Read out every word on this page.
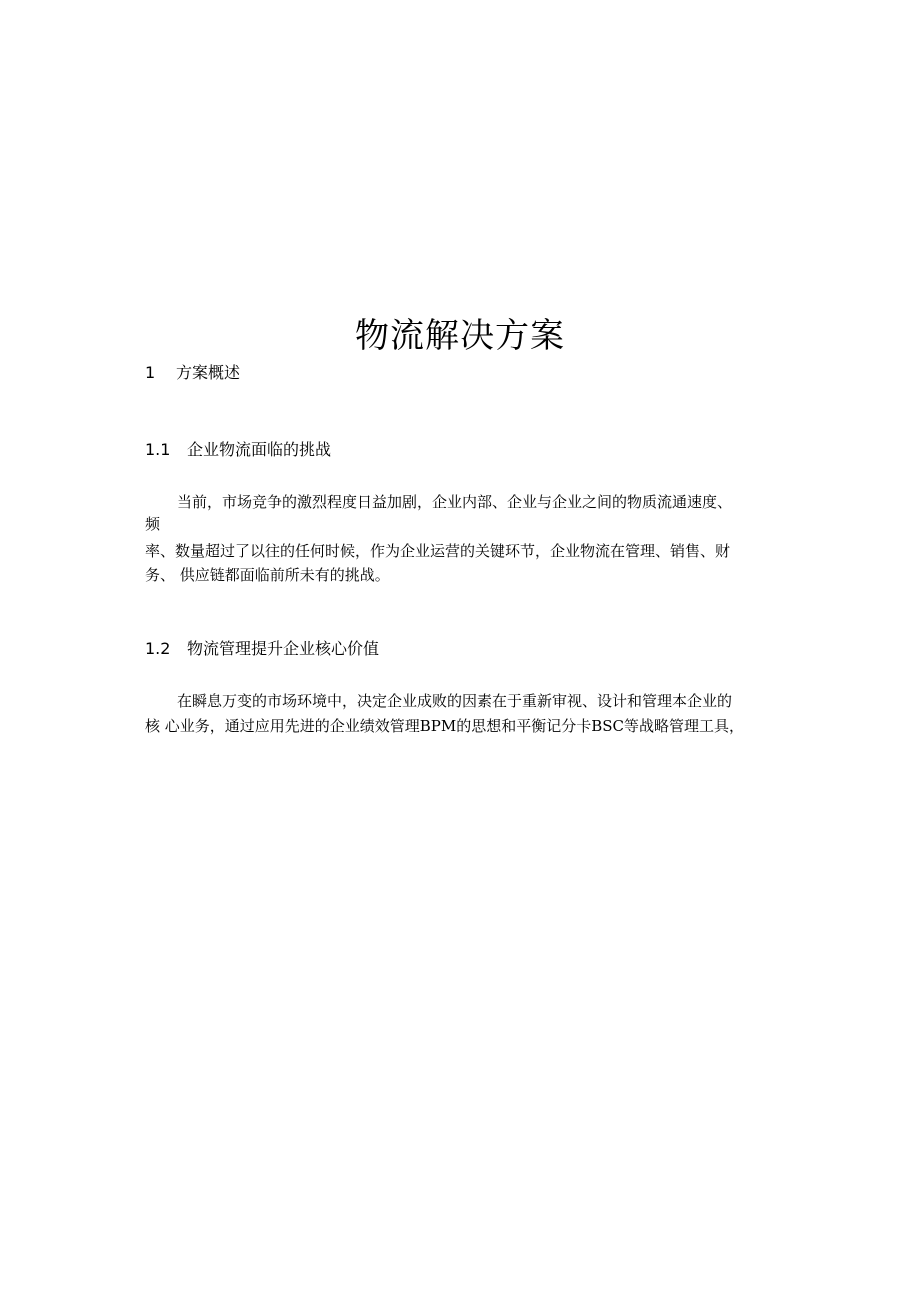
物流解决方案
1 方案概述
1.1 企业物流面临的挑战
当前，市场竞争的激烈程度日益加剧，企业内部、企业与企业之间的物质流通速度、
频
率、数量超过了以往的任何时候，作为企业运营的关键环节，企业物流在管理、销售、财
务、 供应链都面临前所未有的挑战。
1.2 物流管理提升企业核心价值
在瞬息万变的市场环境中，决定企业成败的因素在于重新审视、设计和管理本企业的
核 心业务，通过应用先进的企业绩效管理BPM的思想和平衡记分卡BSC等战略管理工具，
